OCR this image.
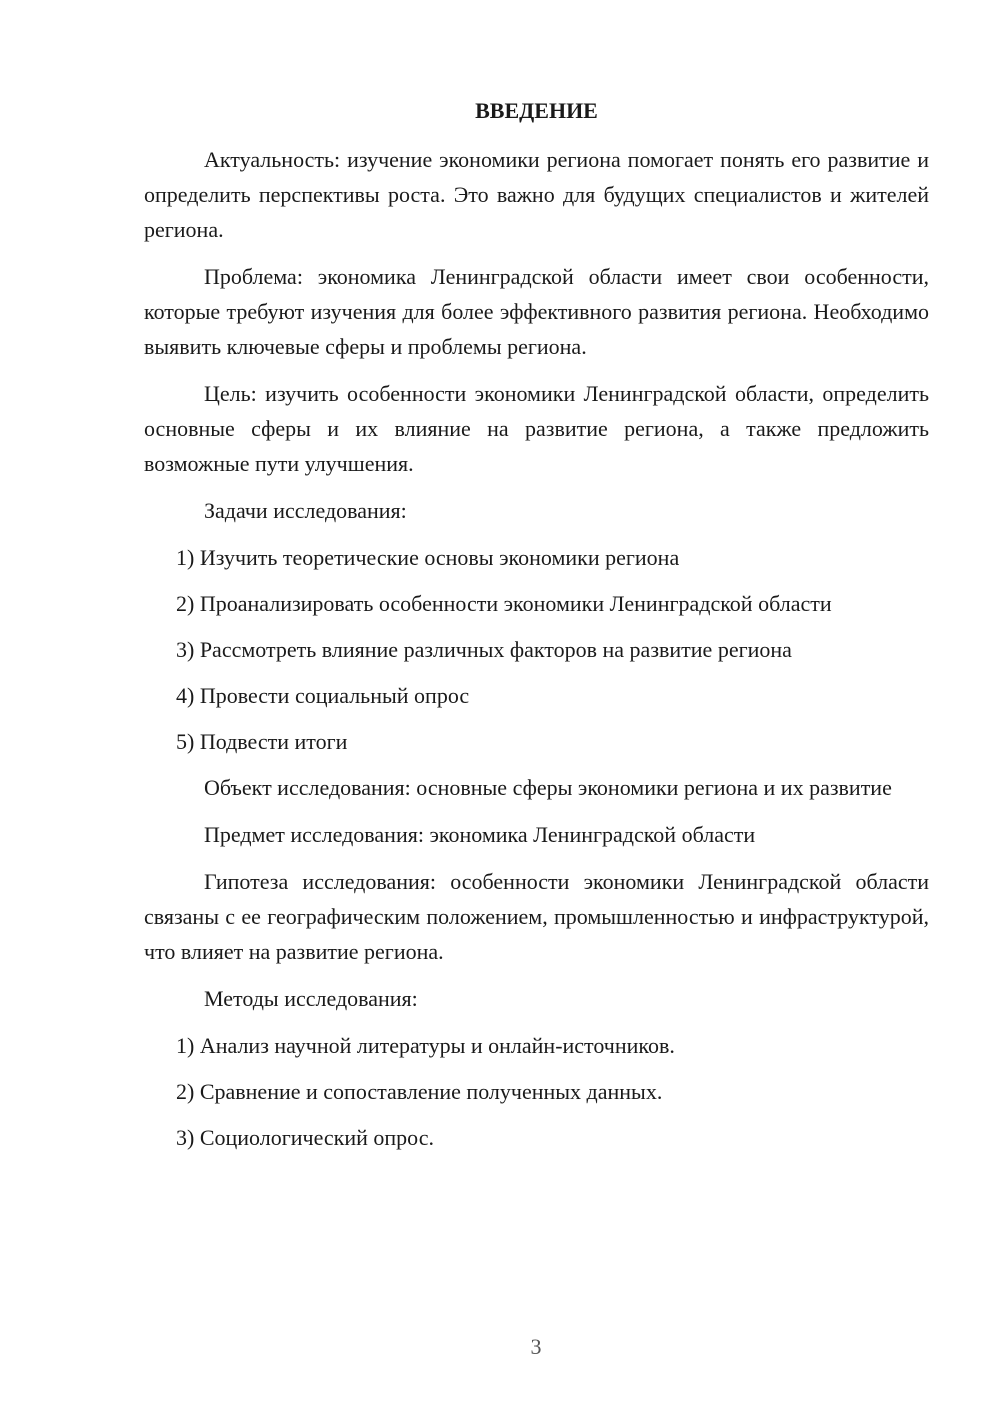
ВВЕДЕНИЕ

Актуальность: изучение экономики региона помогает понять его развитие и определить перспективы роста. Это важно для будущих специалистов и жителей региона.

Проблема: экономика Ленинградской области имеет свои особенности, которые требуют изучения для более эффективного развития региона. Необходимо выявить ключевые сферы и проблемы региона.

Цель: изучить особенности экономики Ленинградской области, определить основные сферы и их влияние на развитие региона, а также предложить возможные пути улучшения.

Задачи исследования:

1) Изучить теоретические основы экономики региона
2) Проанализировать особенности экономики Ленинградской области
3) Рассмотреть влияние различных факторов на развитие региона
4) Провести социальный опрос
5) Подвести итоги

Объект исследования: основные сферы экономики региона и их развитие

Предмет исследования: экономика Ленинградской области

Гипотеза исследования: особенности экономики Ленинградской области связаны с ее географическим положением, промышленностью и инфраструктурой, что влияет на развитие региона.

Методы исследования:

1) Анализ научной литературы и онлайн-источников.
2) Сравнение и сопоставление полученных данных.
3) Социологический опрос.
3
